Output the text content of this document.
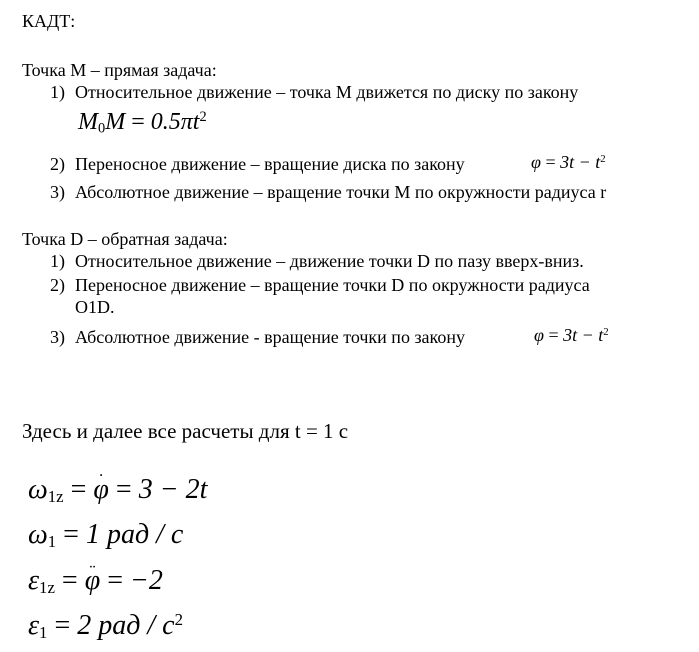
КАДТ:
Точка М – прямая задача:
1) Относительное движение – точка М движется по диску по закону
$M_0M = 0.5\pi t^2$
2) Переносное движение – вращение диска по закону	$\varphi = 3t - t^2$
3) Абсолютное движение – вращение точки М по окружности радиуса r
Точка D – обратная задача:
1) Относительное движение – движение точки D по пазу вверх-вниз.
2) Переносное движение – вращение точки D по окружности радиуса
O1D.
3) Абсолютное движение - вращение точки по закону	$\varphi = 3t - t^2$
Здесь и далее все расчеты для t = 1 с
$\omega_{1z}$ = ˙ φ = 3 − 2t
$\omega_1 = 1$ рад / с
$\varepsilon_{1z}$ = ¨ φ = −2
$\varepsilon_1 = 2$ рад / $с^2$
